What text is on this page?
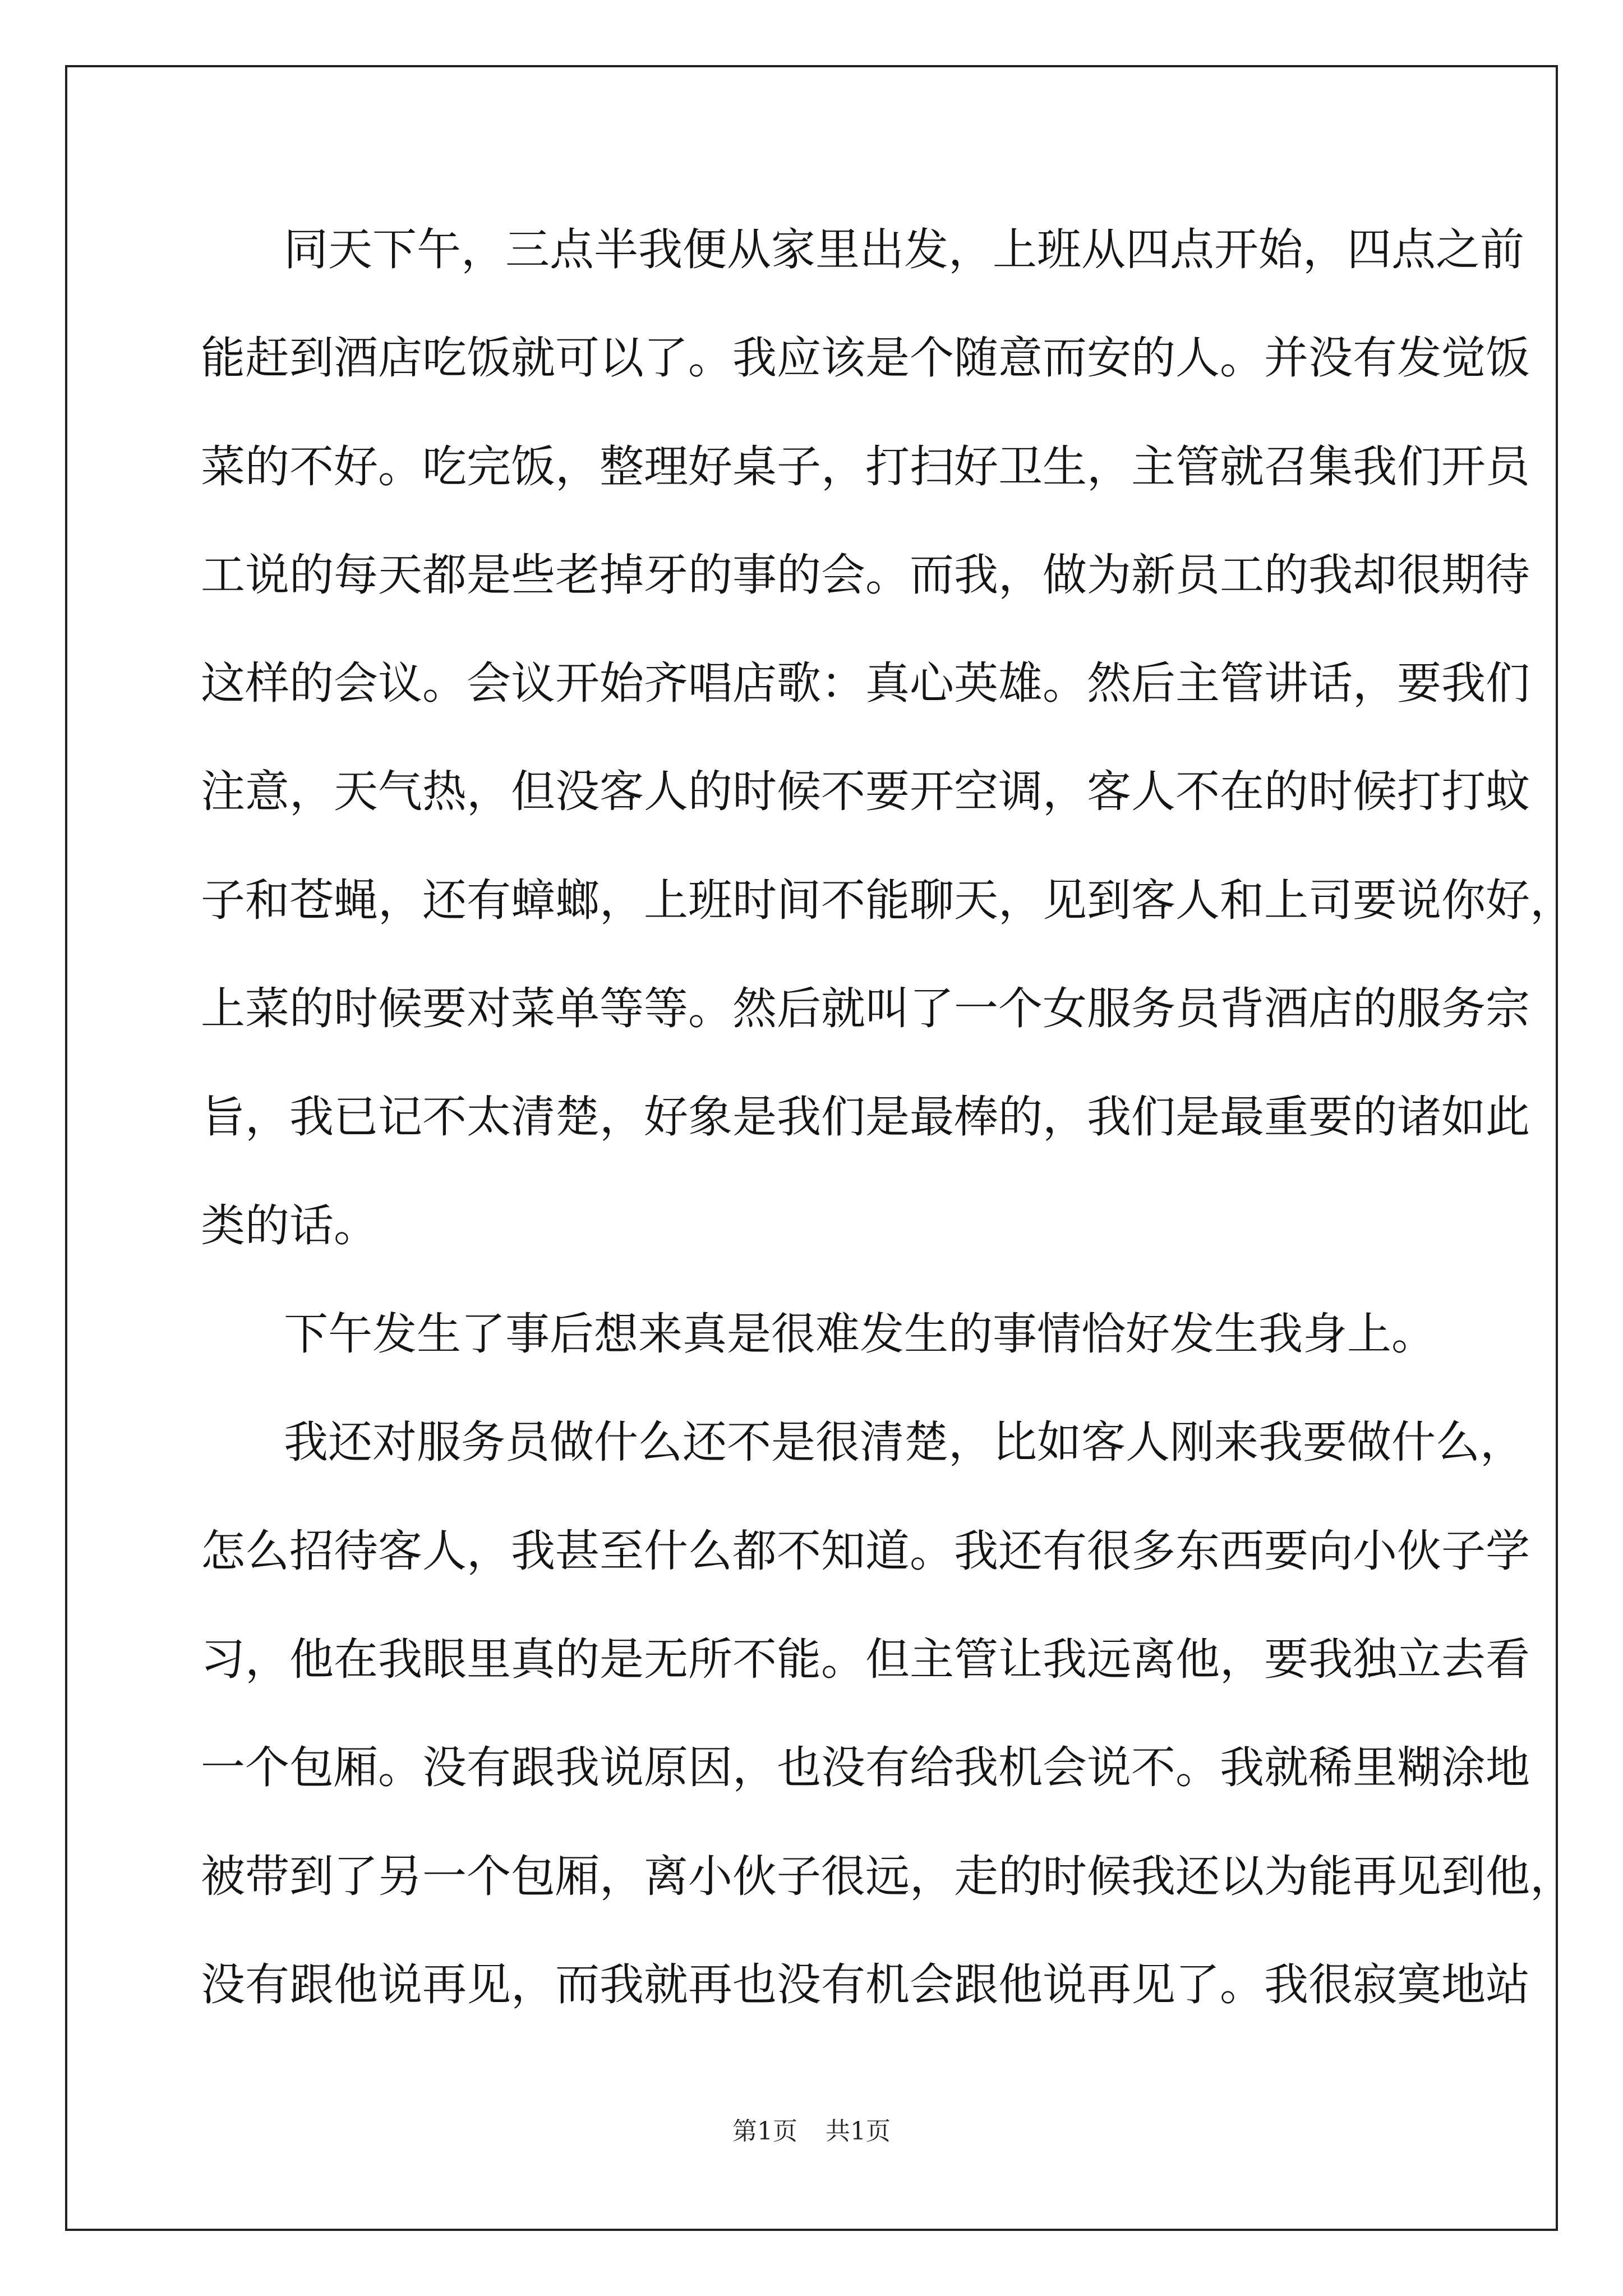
同天下午，三点半我便从家里出发，上班从四点开始，四点之前
能赶到酒店吃饭就可以了。我应该是个随意而安的人。并没有发觉饭
菜的不好。吃完饭，整理好桌子，打扫好卫生，主管就召集我们开员
工说的每天都是些老掉牙的事的会。而我，做为新员工的我却很期待
这样的会议。会议开始齐唱店歌：真心英雄。然后主管讲话，要我们
注意，天气热，但没客人的时候不要开空调，客人不在的时候打打蚊
子和苍蝇，还有蟑螂，上班时间不能聊天，见到客人和上司要说你好，
上菜的时候要对菜单等等。然后就叫了一个女服务员背酒店的服务宗
旨，我已记不太清楚，好象是我们是最棒的，我们是最重要的诸如此
类的话。
下午发生了事后想来真是很难发生的事情恰好发生我身上。
我还对服务员做什么还不是很清楚，比如客人刚来我要做什么，
怎么招待客人，我甚至什么都不知道。我还有很多东西要向小伙子学
习，他在我眼里真的是无所不能。但主管让我远离他，要我独立去看
一个包厢。没有跟我说原因，也没有给我机会说不。我就稀里糊涂地
被带到了另一个包厢，离小伙子很远，走的时候我还以为能再见到他，
没有跟他说再见，而我就再也没有机会跟他说再见了。我很寂寞地站
第1页 共1页
